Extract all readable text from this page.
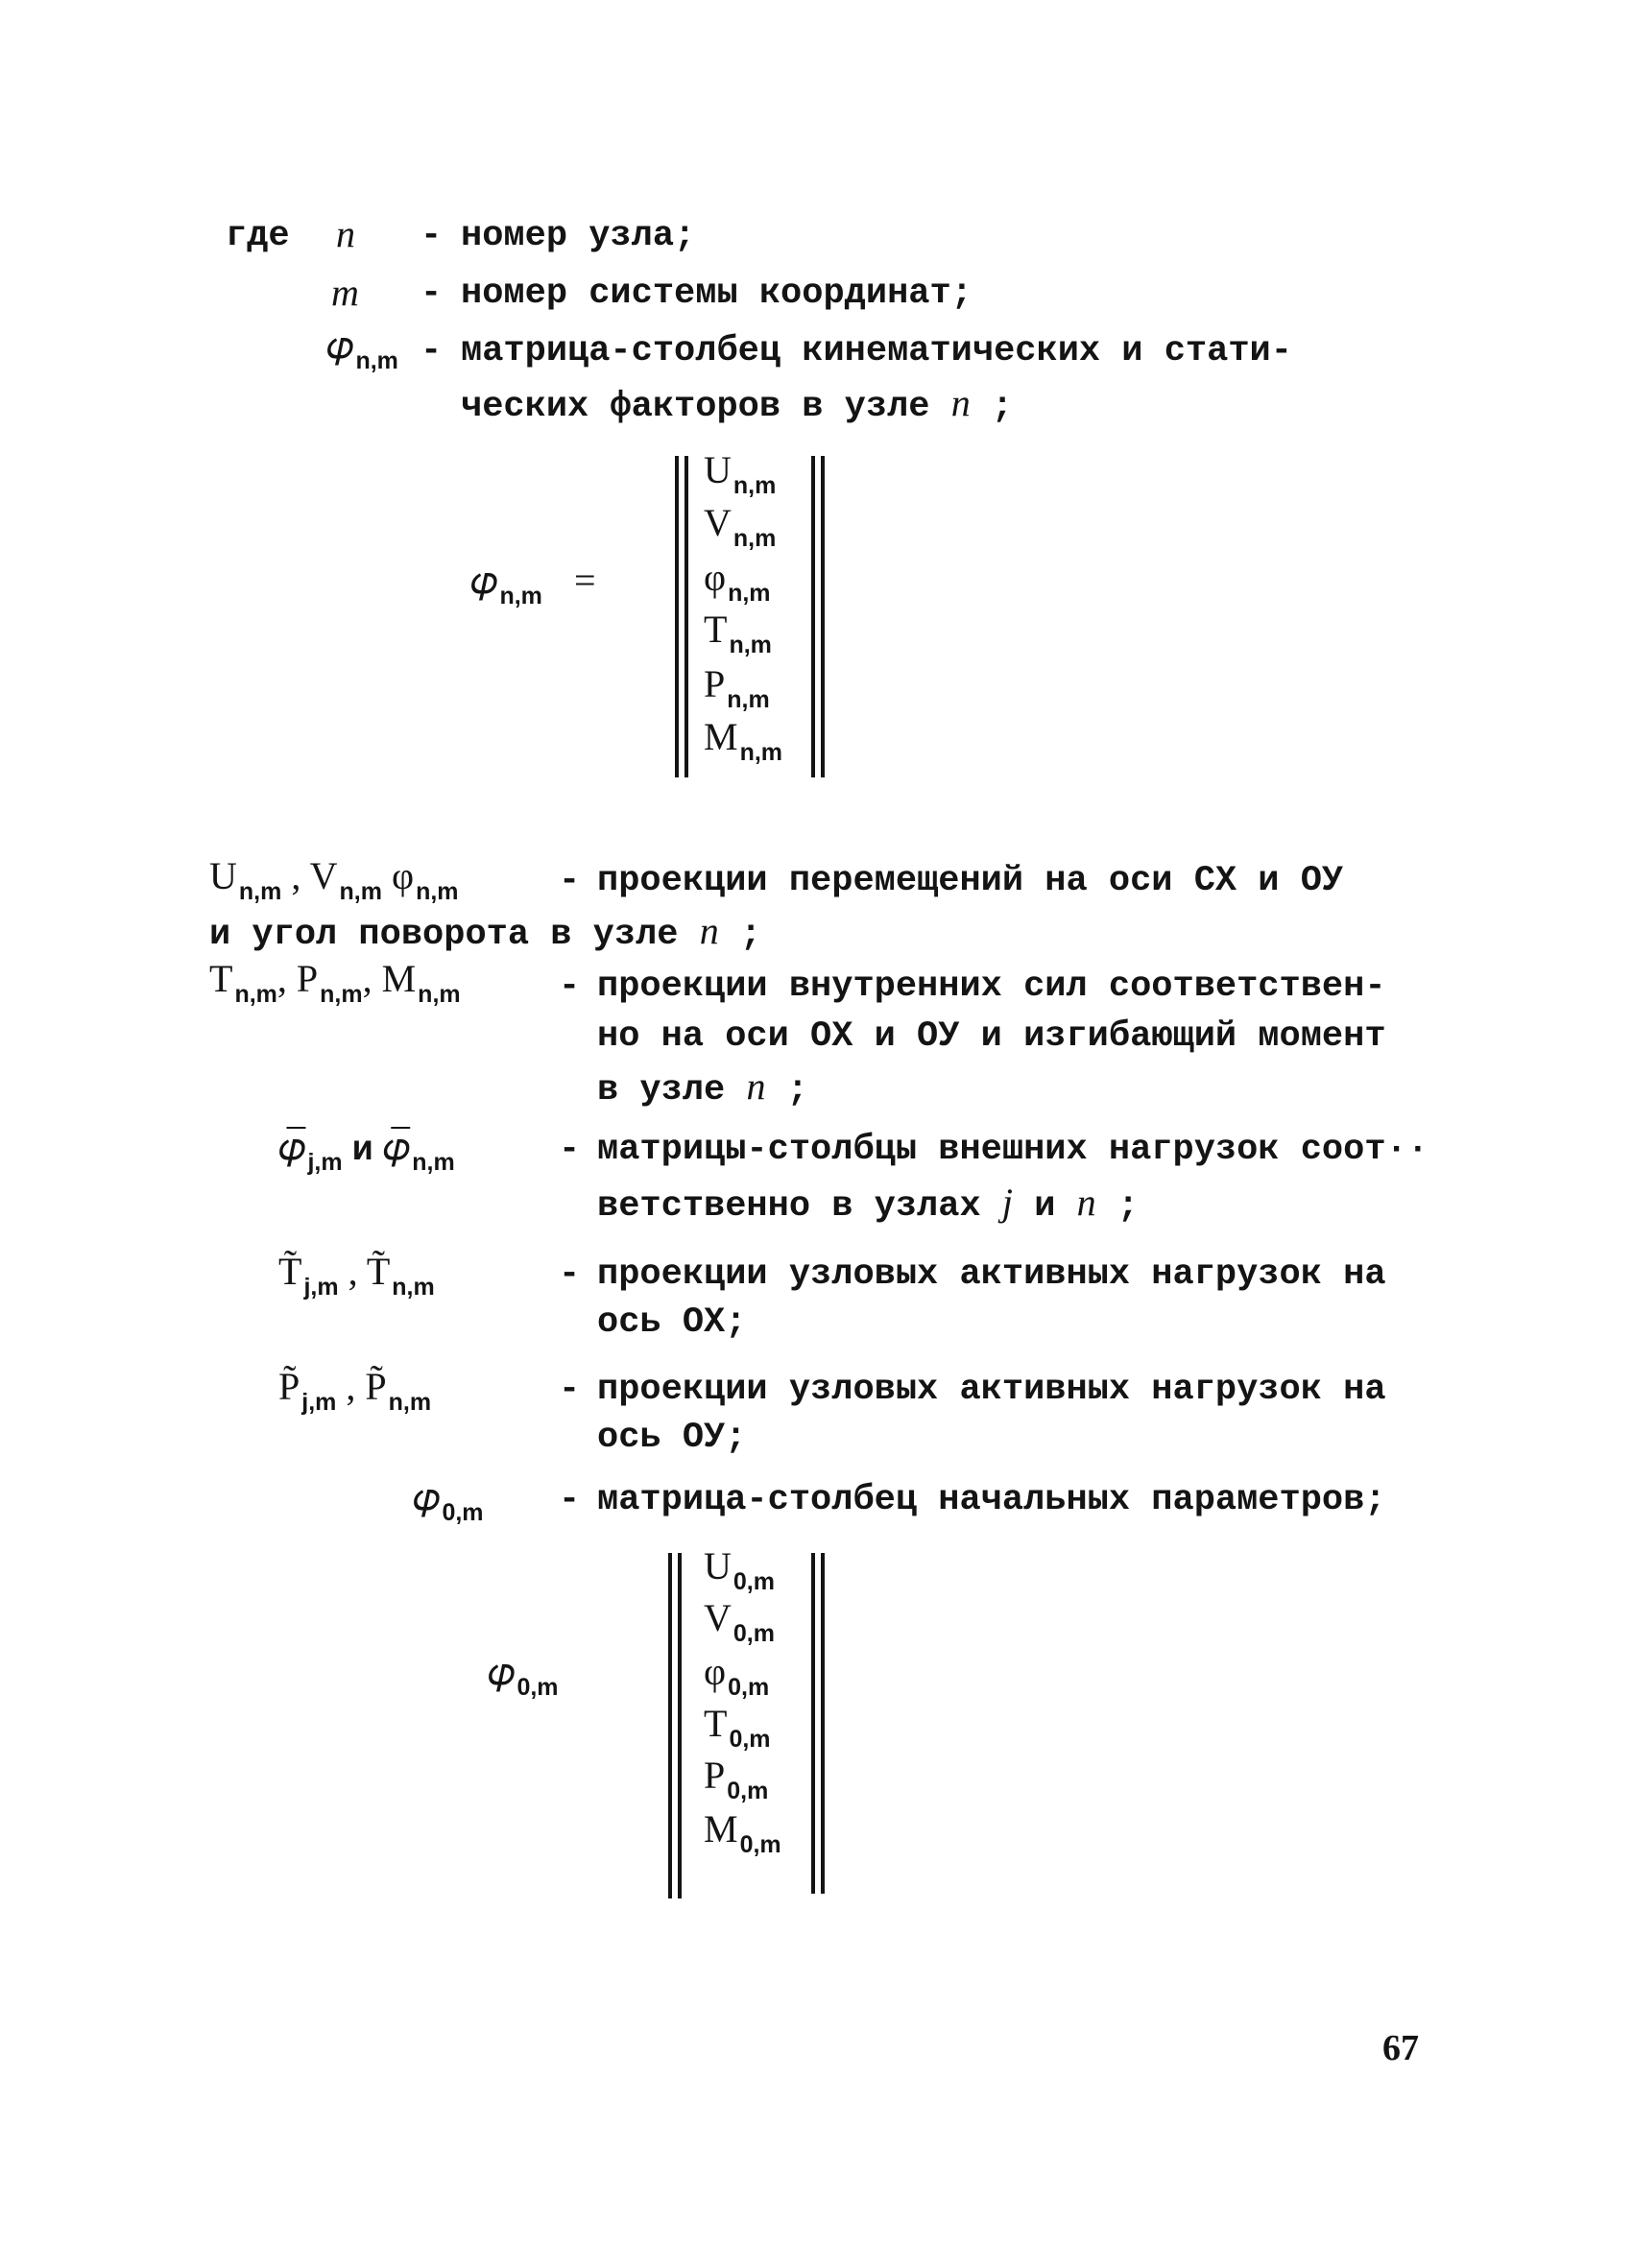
где n - номер узла;
m - номер системы координат;
𝜑$_{n,m}$ - матрица-столбец кинематических и стати-
ческих факторов в узле n ;
𝜑$_{n,m}$ =
$U_{n,m}$
$V_{n,m}$
$\varphi_{n,m}$
$T_{n,m}$
$P_{n,m}$
$M_{n,m}$
$U_{n,m}$ , $V_{n,m}$ $\varphi_{n,m}$	- проекции перемещений на оси СХ и ОУ
и угол поворота в узле n ;
$T_{n,m}$, $P_{n,m}$, $M_{n,m}$	- проекции внутренних сил соответствен-
но на оси ОХ и ОУ и изгибающий момент
в узле n ;
$𝜑̅_{j,m}$ и $𝜑̅_{n,m}$	- матрицы-столбцы внешних нагрузок соот··
ветственно в узлах j и n ;
$T̃_{j,m}$ , $T̃_{n,m}$	- проекции узловых активных нагрузок на
ось ОХ;
$P̃_{j,m}$ , $P̃_{n,m}$	- проекции узловых активных нагрузок на
ось ОУ;
𝜑$_{0,m}$ - матрица-столбец начальных параметров;
𝜑$_{0,m}$
$U_{0,m}$
$V_{0,m}$
$\varphi_{0,m}$
$T_{0,m}$
$P_{0,m}$
$M_{0,m}$
67
